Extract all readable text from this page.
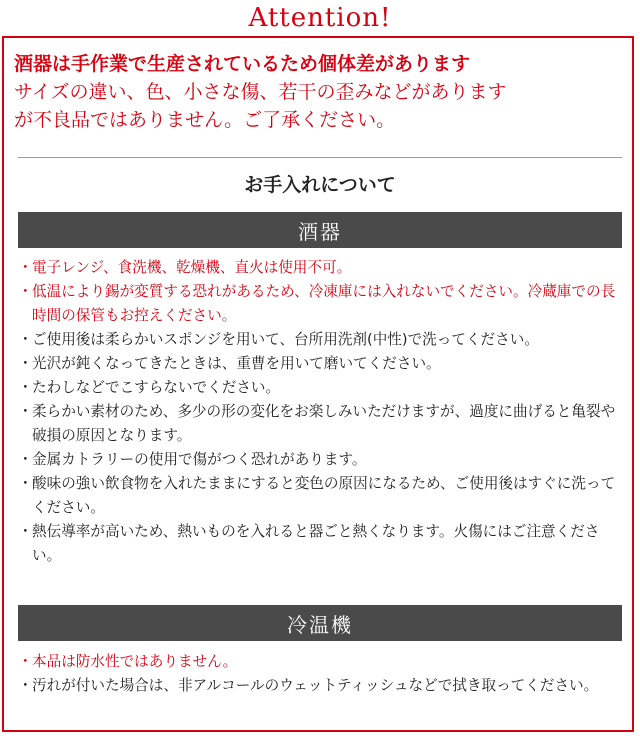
Attention!
酒器は手作業で生産されているため個体差があります
サイズの違い、色、小さな傷、若干の歪みなどがあります
が不良品ではありません。ご了承ください。
お手入れについて
酒器
・ 電子レンジ、食洗機、乾燥機、直火は使用不可。
・ 低温により錫が変質する恐れがあるため、冷凍庫には入れないでください。冷蔵庫での長時間の保管もお控えください。
・ ご使用後は柔らかいスポンジを用いて、台所用洗剤(中性)で洗ってください。
・ 光沢が鈍くなってきたときは、重曹を用いて磨いてください。
・ たわしなどでこすらないでください。
・ 柔らかい素材のため、多少の形の変化をお楽しみいただけますが、過度に曲げると亀裂や破損の原因となります。
・ 金属カトラリーの使用で傷がつく恐れがあります。
・ 酸味の強い飲食物を入れたままにすると変色の原因になるため、ご使用後はすぐに洗ってください。
・ 熱伝導率が高いため、熱いものを入れると器ごと熱くなります。火傷にはご注意ください。
冷温機
・ 本品は防水性ではありません。
・ 汚れが付いた場合は、非アルコールのウェットティッシュなどで拭き取ってください。
